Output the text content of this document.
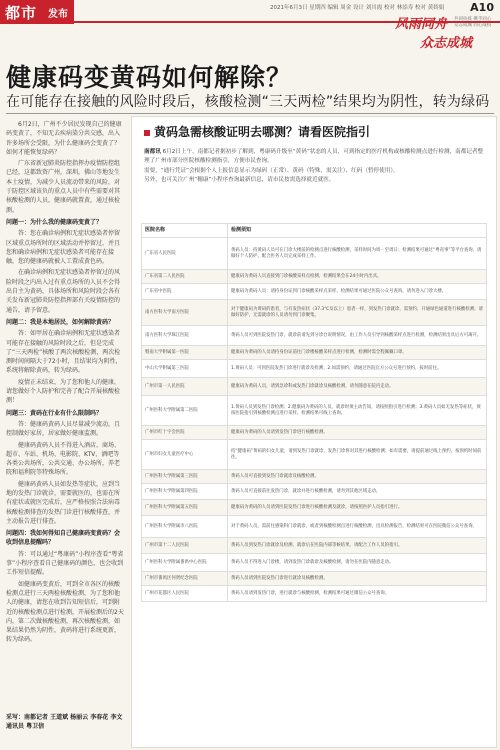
都市 发布
2021年6月3日 星期四 编辑 周金 设计 刘川霞 校对 林添寿 校对 黄娇娟 A10
风雨同舟
众志成城
共同抗疫 携手同心 众志成城 同心战疫
健康码变黄码如何解除？
在可能存在接触的风险时段后，核酸检测“三天两检”结果均为阴性，转为绿码

6月2日，广州不少居民发现自己的健康码变黄了，不知无去疾病染分共交感，出入许多场所会受限，为什么健康码会变黄了？如何才能恢复绿码？

广东省新冠肺炎防控指挥办疫情防控组已经，这都致资广州，深圳，佛山等地发生本土疫情，为减少人员流动带来的风险，对于防控区域该负的重点人员中有些需要对其核酸检测的人员，健康码就置黄，通过核检测。

问题一：为什么我的健康码变黄了？

答：您在确诊病例和无症状感染者停留区域重点场所时的区域活动并停留过，并且您和确诊病例和无症状感染者可能存在接触，您的健康码就被人工置成黄色码。

在确诊病例和无症状感染者停留过的风险时段之内出入过有重点场所的人员不会得出自主为黄码，具体场所和风险时段会各有关发布新冠肺炎防控指挥部有关疫情防控的通告，请予留意。

问题二：我是本地居民，如何解除黄码？

答：如甲居在确诊病例和无症状感染者可能存在接触的风险时段之后，但是完成了“三天两检”核酸了两次核酸检测，两次检测时间间隔大于72小时，且结果均为阴性，系统将解除黄码，转为绿码。

疫情正未结束，为了您和他人的健康，请您做好个人防护和完善了配合开展核酸检测！

问题三：黄码在行业有什么限制吗？

答：健康码黄码人员尽量减少流动，且控制做好家居，居家做好健康监测。

健康码黄码人员不得进入酒店、商场、超市、车站、机场、电影院、KTV、酒吧等各类公共场所，公共交通、办公场所，养老院和福利院等特殊场所。

健康码黄码人员如发热等症状，应到当地的发热门诊就诊，需要就医的，也需在所有症状或就医完成后，应严格按照合法病毒核酸检测排查的发热门诊进行核酸排查，并主动报告进行排查。

问题四：我如何得知自己健康码变黄码？会收到信息提醒吗？

答：可以通过“粤康码”小程序查看“粤省事”小程序查看自己健康码的颜色，也会收到工作短信提醒。

如健康码变黄后，可到全市各区的核酸检测点进行三天两检核酸检测，为了您和他人的健康，请您在收到告知短信后，可到附近的核酸检测点进行检测，开展检测后的2天内，第二次做核酸检测，再次核酸检测，如果结果仍然为阴性，黄码将进行系统更新，转为绿码。

采写：南都记者 王道斌 杨丽云 李春花 李文 通讯员 粤卫信
黄码急需核酸证明去哪测？请看医院指引
南都讯 6月2日上午，南都记者据初步了解到，粤康码升级至“黄码”状态的人员，可到指定的医疗机构或核酸检测点进行检测，南都记者整理了广州市部分医院核酸检测指引，方便市民查询。
需要，“通行凭证”会根据个人上报信息显示为绿码（正常）、黄码（特殊，需关注）、红码（暂停使用）。
另外，也可关注广州“穗康”小程序查询最新信息，请市民按需选择就近就医。
医院名称	检测须知
广东省人民医院	黄码人员：持黄码人员可在门诊大楼前的检测点进行核酸检测，采样时间为周一至周日；检测结果可通过“粤省事”等平台查询，请做好个人防护，配合医务人员完成采样工作。
广东省第二人民医院	健康码为黄码人员直接到门诊核酸采样点检测，检测结果会在24小时内出具。
广东省中医院	健康码为黄码人员：请持身份证到门诊核酸采样点采样，检测结果可通过医院公众号查询，请勿进入门诊大楼。
南方医科大学南方医院	对于健康码为黄码的患者，与有发热症状（37.3℃及以上）患者一样，到发热门诊就诊，需预约，开通绿色通道进行核酸检测；请做好防护，无需就诊的人员请勿到门诊聚集。
南方医科大学珠江医院	黄码人员可到医院发热门诊，就诊前请先到分诊台说明情况，由工作人员引导到核酸采样点进行检测，检测结果出具后方可离开。
暨南大学附属第一医院	健康码为黄码的人员请持身份证前往门诊楼核酸采样点进行检测，检测时需全程佩戴口罩。
中山大学附属第三医院	1.黄码人员：可到医院发热门诊进行就诊及检测；2.如需预约，请通过医院官方公众号进行预约，按时前往。
广州市第一人民医院	健康码为黄码人员，请到急诊科或发热门诊就诊及核酸检测，请勿随意在院内走动。
广州医科大学附属第二医院	1.黄码人员到发热门诊检测；2.健康码为黄码的人员，就诊时须主动告知，请按照指引进行检测；3.黄码人员如无发热等症状，须按医院指引到核酸检测点进行采样，检测结果可线上查询。
广州市红十字会医院	健康码为黄码的人员请到发热门诊进行核酸检测。
广州市妇女儿童医疗中心	持“健康码”黄码的妇女儿童，请到发热门诊就诊，发热门诊将对其进行核酸检测；如有需要，请提前通过线上预约，按预约时间前往。
广州医科大学附属第三医院	黄码人员可直接到发热门诊就诊及核酸检测。
广州医科大学附属第四医院	黄码人员可直接前往发热门诊，就诊并进行核酸检测，请勿到其他区域走动。
广州医科大学附属第五医院	健康码为黄码的人员请到医院发热门诊进行核酸检测及就诊，请按照医护人员指引进行。
广州医科大学附属市八医院	对于黄码人员，需前往感染科门诊就诊，或者到核酸检测点进行核酸检测，出具检测报告，检测结果可在医院微信公众号查询。
广州市第十二人民医院	黄码人员到发热门诊就诊及检测，就诊后在医院内部等候结果，请配合工作人员的指引。
广州医科大学附属番禺中心医院	黄码人员不得进入门诊楼，请到发热门诊就诊及核酸检测，请勿在医院内随意走动。
广州市番禺区何贤纪念医院	黄码人员请到医院发热门诊进行就诊及核酸检测。
广州市花都区人民医院	黄码人员请到发热门诊，进行就诊与核酸检测，检测结果可通过微信公众号查询。
